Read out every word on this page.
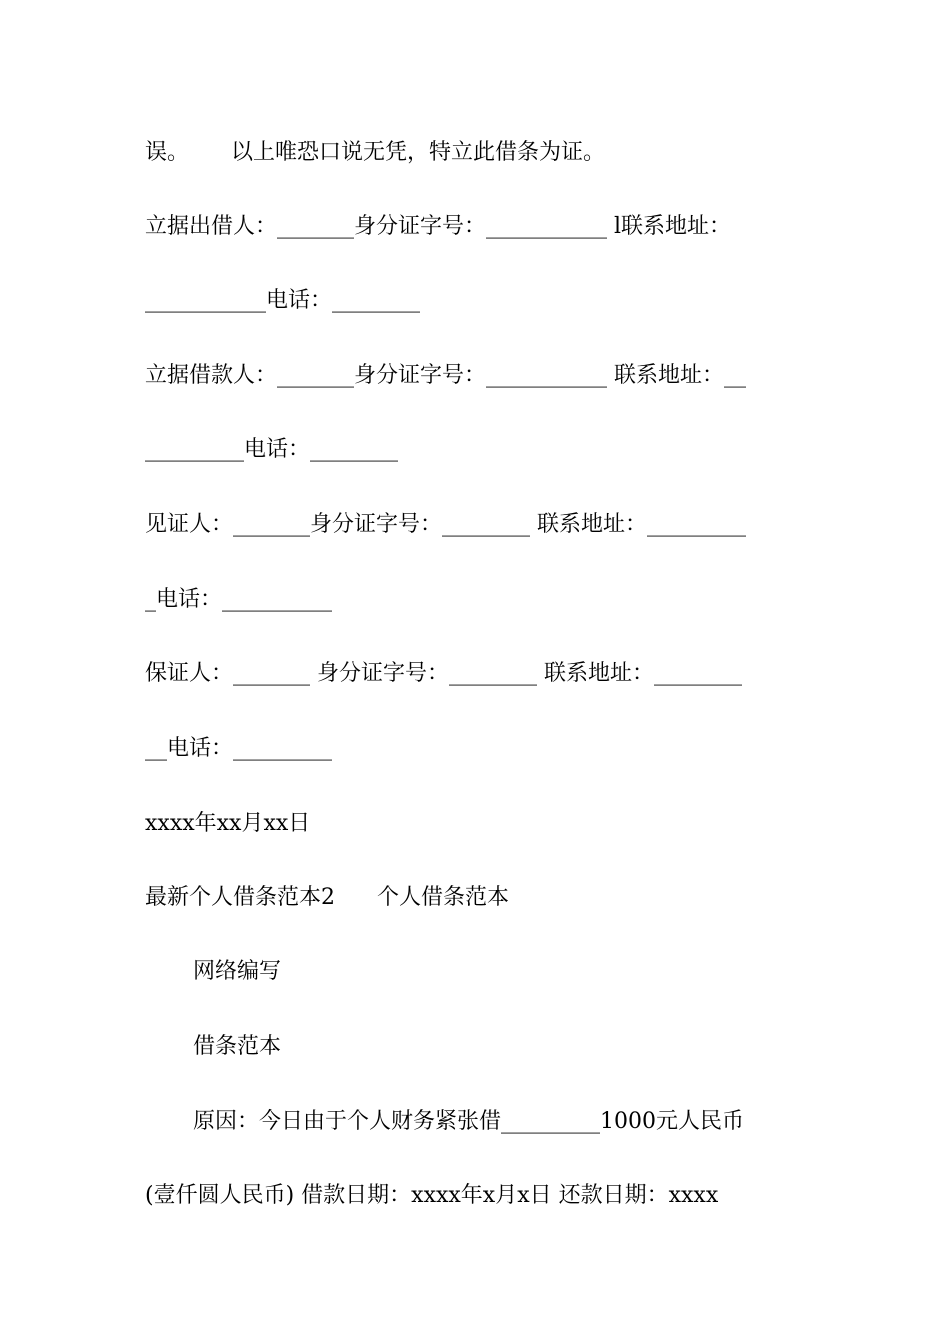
误。      以上唯恐口说无凭，特立此借条为证。
立据出借人：_______身分证字号：___________ l联系地址：
___________电话：________
立据借款人：_______身分证字号：___________ 联系地址：__
_________电话：________
见证人：_______身分证字号：________ 联系地址：_________
_电话：__________
保证人：_______ 身分证字号：________ 联系地址：________
__电话：_________
xxxx年xx月xx日
最新个人借条范本2      个人借条范本
网络编写
借条范本
原因：今日由于个人财务紧张借_________1000元人民币
(壹仟圆人民币) 借款日期：xxxx年x月x日 还款日期：xxxx
